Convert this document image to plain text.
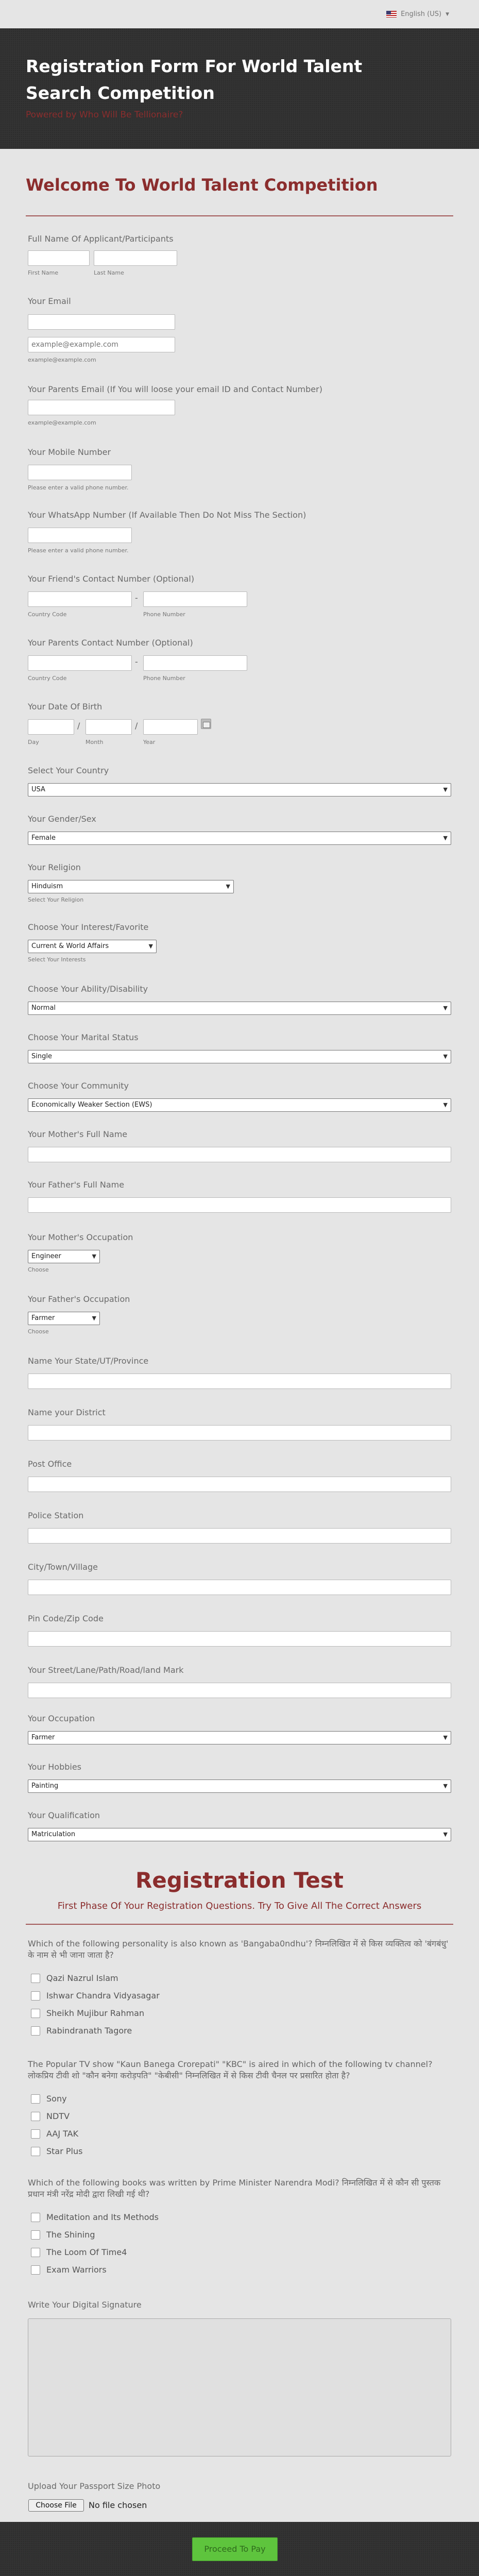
English (US) ▼
Registration Form For World Talent Search Competition
Powered by Who Will Be Tellionaire?
Welcome To World Talent Competition
Full Name Of Applicant/Participants
First Name	Last Name
Your Email
example@example.com
example@example.com
Your Parents Email (If You will loose your email ID and Contact Number)
example@example.com
Your Mobile Number
Please enter a valid phone number.
Your WhatsApp Number (If Available Then Do Not Miss The Section)
Please enter a valid phone number.
Your Friend's Contact Number (Optional)
-
Country Code	Phone Number
Your Parents Contact Number (Optional)
-
Country Code	Phone Number
Your Date Of Birth
/	/
Day	Month	Year
Select Your Country
USA	▼
Your Gender/Sex
Female	▼
Your Religion
Hinduism	▼
Select Your Religion
Choose Your Interest/Favorite
Current & World Affairs	▼
Select Your Interests
Choose Your Ability/Disability
Normal	▼
Choose Your Marital Status
Single	▼
Choose Your Community
Economically Weaker Section (EWS)	▼
Your Mother's Full Name
Your Father's Full Name
Your Mother's Occupation
Engineer	▼
Choose
Your Father's Occupation
Farmer	▼
Choose
Name Your State/UT/Province
Name your District
Post Office
Police Station
City/Town/Village
Pin Code/Zip Code
Your Street/Lane/Path/Road/land Mark
Your Occupation
Farmer	▼
Your Hobbies
Painting	▼
Your Qualification
Matriculation	▼
Registration Test
First Phase Of Your Registration Questions. Try To Give All The Correct Answers
Which of the following personality is also known as 'Bangaba0ndhu'? निम्नलिखित में से किस व्यक्तित्व को 'बंगबंधु' के नाम से भी जाना जाता है?
Qazi Nazrul Islam
Ishwar Chandra Vidyasagar
Sheikh Mujibur Rahman
Rabindranath Tagore
The Popular TV show "Kaun Banega Crorepati" "KBC" is aired in which of the following tv channel? लोकप्रिय टीवी शो "कौन बनेगा करोड़पति" "केबीसी" निम्नलिखित में से किस टीवी चैनल पर प्रसारित होता है?
Sony
NDTV
AAJ TAK
Star Plus
Which of the following books was written by Prime Minister Narendra Modi? निम्नलिखित में से कौन सी पुस्तक प्रधान मंत्री नरेंद्र मोदी द्वारा लिखी गई थी?
Meditation and Its Methods
The Shining
The Loom Of Time4
Exam Warriors
Write Your Digital Signature
Upload Your Passport Size Photo
Choose File	No file chosen
Proceed To Pay
